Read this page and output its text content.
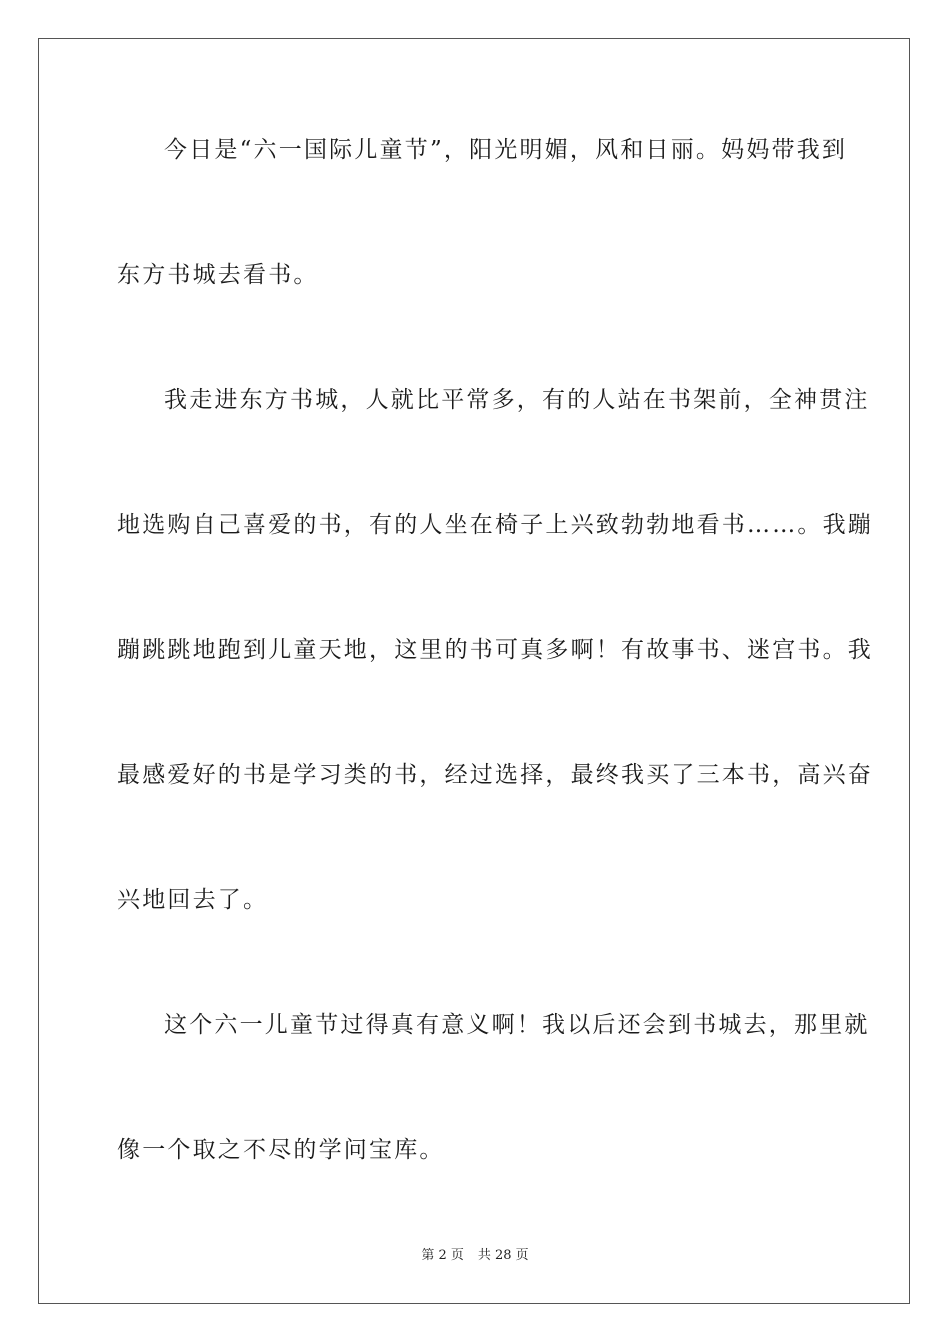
今日是“六一国际儿童节”，阳光明媚，风和日丽。妈妈带我到
东方书城去看书。
我走进东方书城，人就比平常多，有的人站在书架前，全神贯注
地选购自己喜爱的书，有的人坐在椅子上兴致勃勃地看书……。我蹦
蹦跳跳地跑到儿童天地，这里的书可真多啊！有故事书、迷宫书。我
最感爱好的书是学习类的书，经过选择，最终我买了三本书，高兴奋
兴地回去了。
这个六一儿童节过得真有意义啊！我以后还会到书城去，那里就
像一个取之不尽的学问宝库。
第 2 页 共 28 页
